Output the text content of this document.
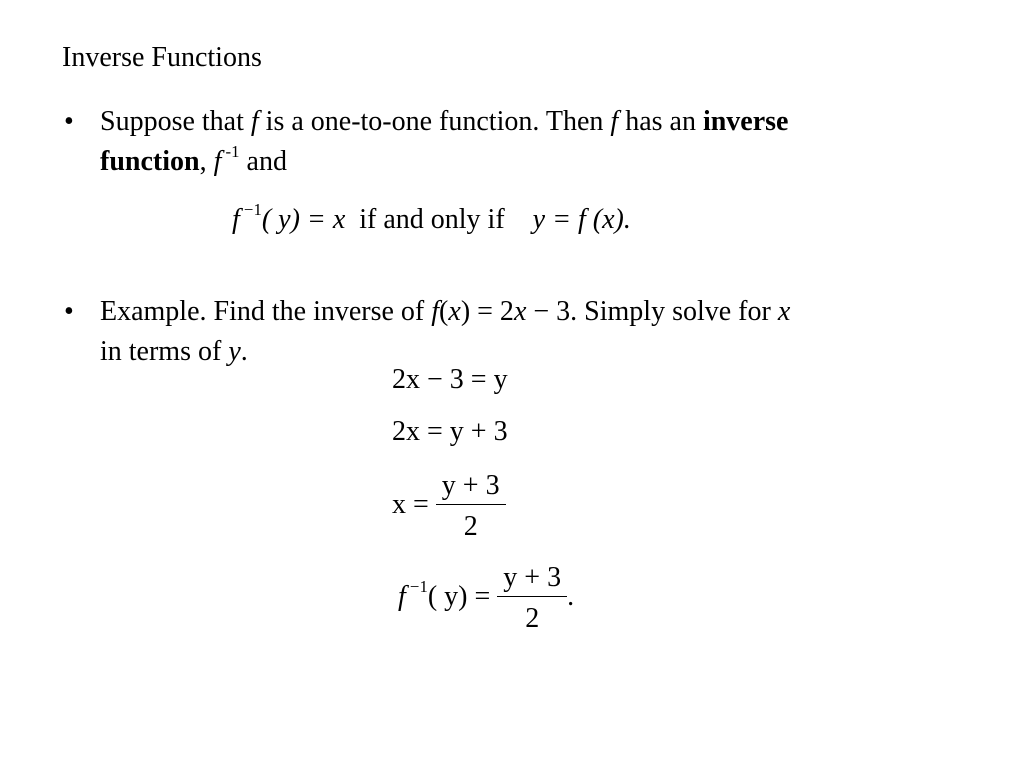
Inverse Functions
• Suppose that f is a one-to-one function. Then f has an inverse
function, f $^{-1}$ and
f $^{-1}$( y) = x if and only if y = f (x).
• Example. Find the inverse of f(x) = 2x − 3. Simply solve for x
in terms of y.
2x − 3 = y
2x = y + 3
$x = \frac{y + 3}{2}$
f $^{-1}$( $y) = \frac{y + 3}{2}$ .
